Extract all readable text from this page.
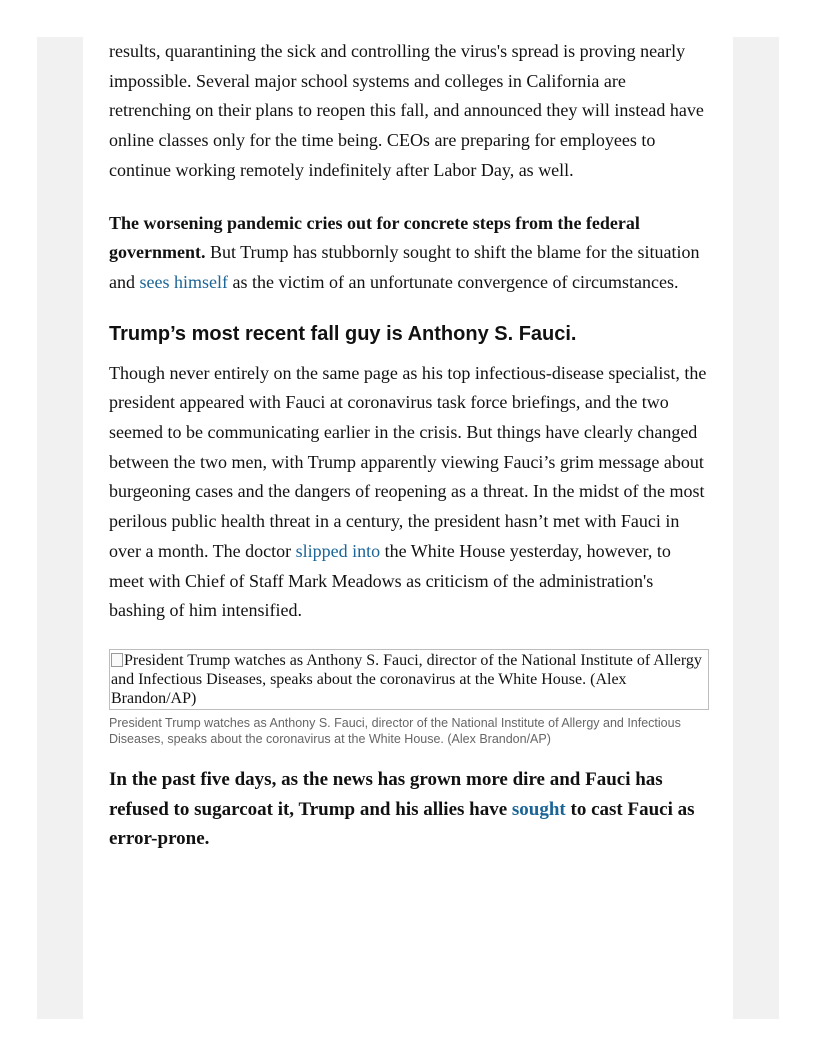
results, quarantining the sick and controlling the virus's spread is proving nearly impossible. Several major school systems and colleges in California are retrenching on their plans to reopen this fall, and announced they will instead have online classes only for the time being. CEOs are preparing for employees to continue working remotely indefinitely after Labor Day, as well.

The worsening pandemic cries out for concrete steps from the federal government. But Trump has stubbornly sought to shift the blame for the situation and sees himself as the victim of an unfortunate convergence of circumstances.

Trump’s most recent fall guy is Anthony S. Fauci.

Though never entirely on the same page as his top infectious-disease specialist, the president appeared with Fauci at coronavirus task force briefings, and the two seemed to be communicating earlier in the crisis. But things have clearly changed between the two men, with Trump apparently viewing Fauci’s grim message about burgeoning cases and the dangers of reopening as a threat. In the midst of the most perilous public health threat in a century, the president hasn’t met with Fauci in over a month. The doctor slipped into the White House yesterday, however, to meet with Chief of Staff Mark Meadows as criticism of the administration's bashing of him intensified.

President Trump watches as Anthony S. Fauci, director of the National Institute of Allergy and Infectious Diseases, speaks about the coronavirus at the White House. (Alex Brandon/AP)
President Trump watches as Anthony S. Fauci, director of the National Institute of Allergy and Infectious Diseases, speaks about the coronavirus at the White House. (Alex Brandon/AP)

In the past five days, as the news has grown more dire and Fauci has refused to sugarcoat it, Trump and his allies have sought to cast Fauci as error-prone.
